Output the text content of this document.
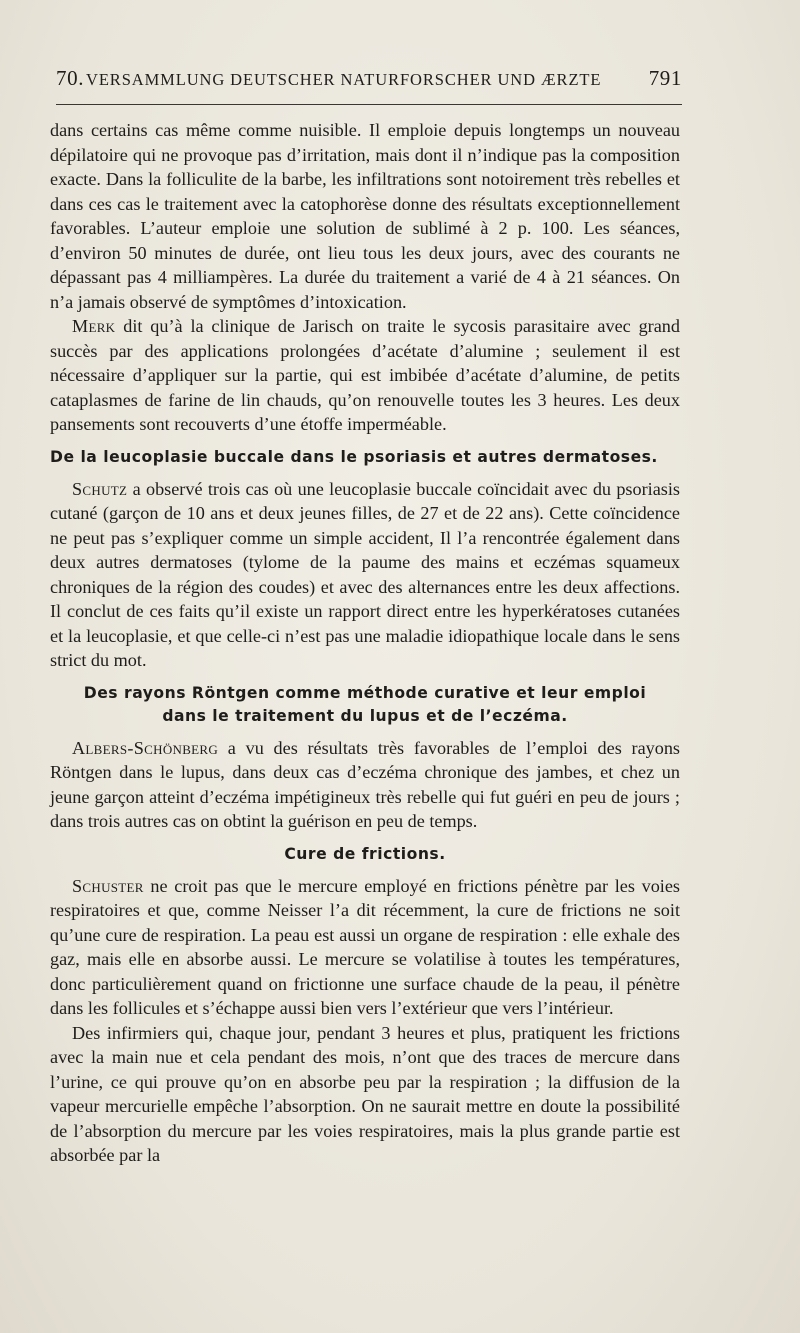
70. VERSAMMLUNG DEUTSCHER NATURFORSCHER UND ÆRZTE 791

dans certains cas même comme nuisible. Il emploie depuis longtemps un nouveau dépilatoire qui ne provoque pas d’irritation, mais dont il n’indique pas la composition exacte. Dans la folliculite de la barbe, les infiltrations sont notoirement très rebelles et dans ces cas le traitement avec la catophorèse donne des résultats exceptionnellement favorables. L’auteur emploie une solution de sublimé à 2 p. 100. Les séances, d’environ 50 minutes de durée, ont lieu tous les deux jours, avec des courants ne dépassant pas 4 milliampères. La durée du traitement a varié de 4 à 21 séances. On n’a jamais observé de symptômes d’intoxication.

Merk dit qu’à la clinique de Jarisch on traite le sycosis parasitaire avec grand succès par des applications prolongées d’acétate d’alumine ; seulement il est nécessaire d’appliquer sur la partie, qui est imbibée d’acétate d’alumine, de petits cataplasmes de farine de lin chauds, qu’on renouvelle toutes les 3 heures. Les deux pansements sont recouverts d’une étoffe imperméable.

De la leucoplasie buccale dans le psoriasis et autres dermatoses.

Schutz a observé trois cas où une leucoplasie buccale coïncidait avec du psoriasis cutané (garçon de 10 ans et deux jeunes filles, de 27 et de 22 ans). Cette coïncidence ne peut pas s’expliquer comme un simple accident, Il l’a rencontrée également dans deux autres dermatoses (tylome de la paume des mains et eczémas squameux chroniques de la région des coudes) et avec des alternances entre les deux affections. Il conclut de ces faits qu’il existe un rapport direct entre les hyperkératoses cutanées et la leucoplasie, et que celle-ci n’est pas une maladie idiopathique locale dans le sens strict du mot.

Des rayons Röntgen comme méthode curative et leur emploi
dans le traitement du lupus et de l’eczéma.

Albers-Schönberg a vu des résultats très favorables de l’emploi des rayons Röntgen dans le lupus, dans deux cas d’eczéma chronique des jambes, et chez un jeune garçon atteint d’eczéma impétigineux très rebelle qui fut guéri en peu de jours ; dans trois autres cas on obtint la guérison en peu de temps.

Cure de frictions.

Schuster ne croit pas que le mercure employé en frictions pénètre par les voies respiratoires et que, comme Neisser l’a dit récemment, la cure de frictions ne soit qu’une cure de respiration. La peau est aussi un organe de respiration : elle exhale des gaz, mais elle en absorbe aussi. Le mercure se volatilise à toutes les températures, donc particulièrement quand on frictionne une surface chaude de la peau, il pénètre dans les follicules et s’échappe aussi bien vers l’extérieur que vers l’intérieur.

Des infirmiers qui, chaque jour, pendant 3 heures et plus, pratiquent les frictions avec la main nue et cela pendant des mois, n’ont que des traces de mercure dans l’urine, ce qui prouve qu’on en absorbe peu par la respiration ; la diffusion de la vapeur mercurielle empêche l’absorption. On ne saurait mettre en doute la possibilité de l’absorption du mercure par les voies respiratoires, mais la plus grande partie est absorbée par la
